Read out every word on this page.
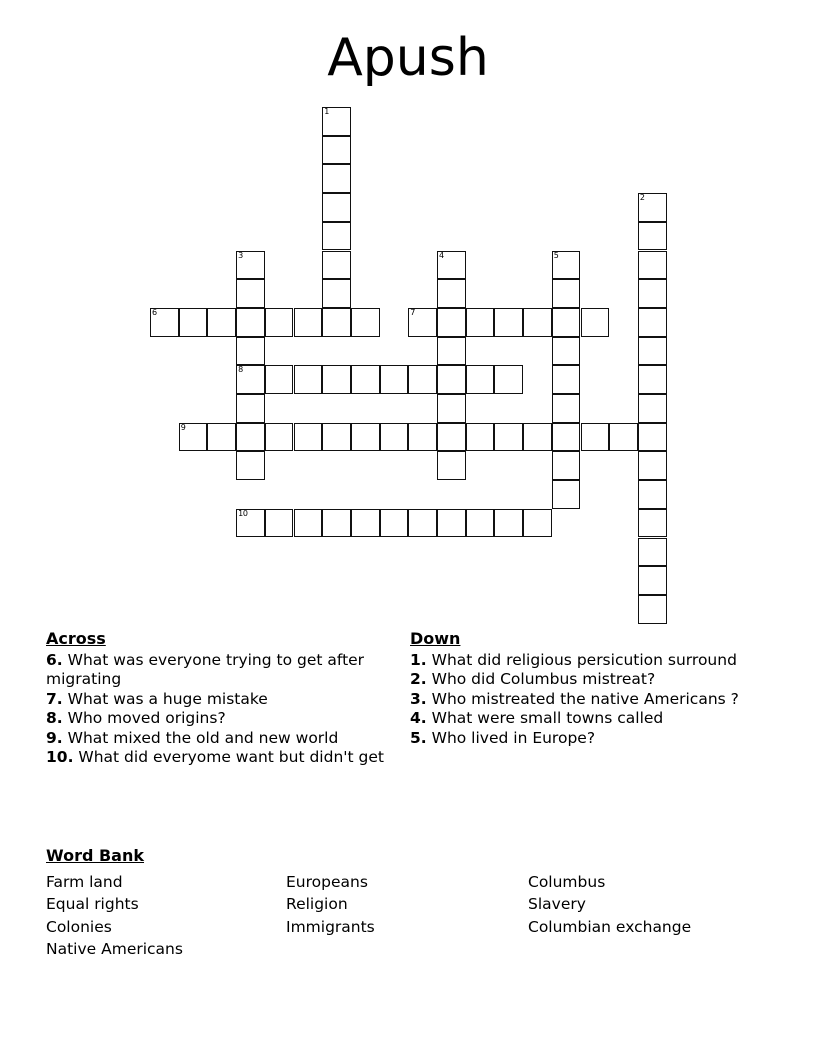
Apush
1
2
3
8
4	5
6	7
9
10
Across
6. What was everyone trying to get after migrating
7. What was a huge mistake
8. Who moved origins?
9. What mixed the old and new world
10. What did everyome want but didn't get
Down
1. What did religious persicution surround
2. Who did Columbus mistreat?
3. Who mistreated the native Americans ?
4. What were small towns called
5. Who lived in Europe?
Word Bank
Farm land
Equal rights
Colonies
Native Americans
Europeans
Religion
Immigrants
Columbus
Slavery
Columbian exchange
